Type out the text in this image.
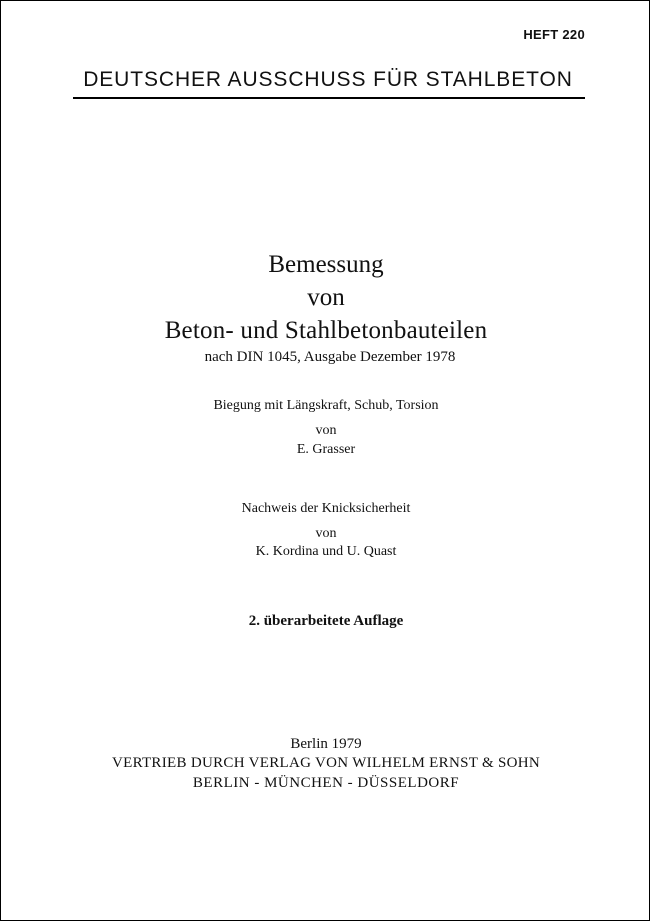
HEFT 220
DEUTSCHER AUSSCHUSS FÜR STAHLBETON
Bemessung
von
Beton- und Stahlbetonbauteilen
nach DIN 1045, Ausgabe Dezember 1978
Biegung mit Längskraft, Schub, Torsion
von
E. Grasser
Nachweis der Knicksicherheit
von
K. Kordina und U. Quast
2. überarbeitete Auflage
Berlin 1979
VERTRIEB DURCH VERLAG VON WILHELM ERNST & SOHN
BERLIN - MÜNCHEN - DÜSSELDORF
